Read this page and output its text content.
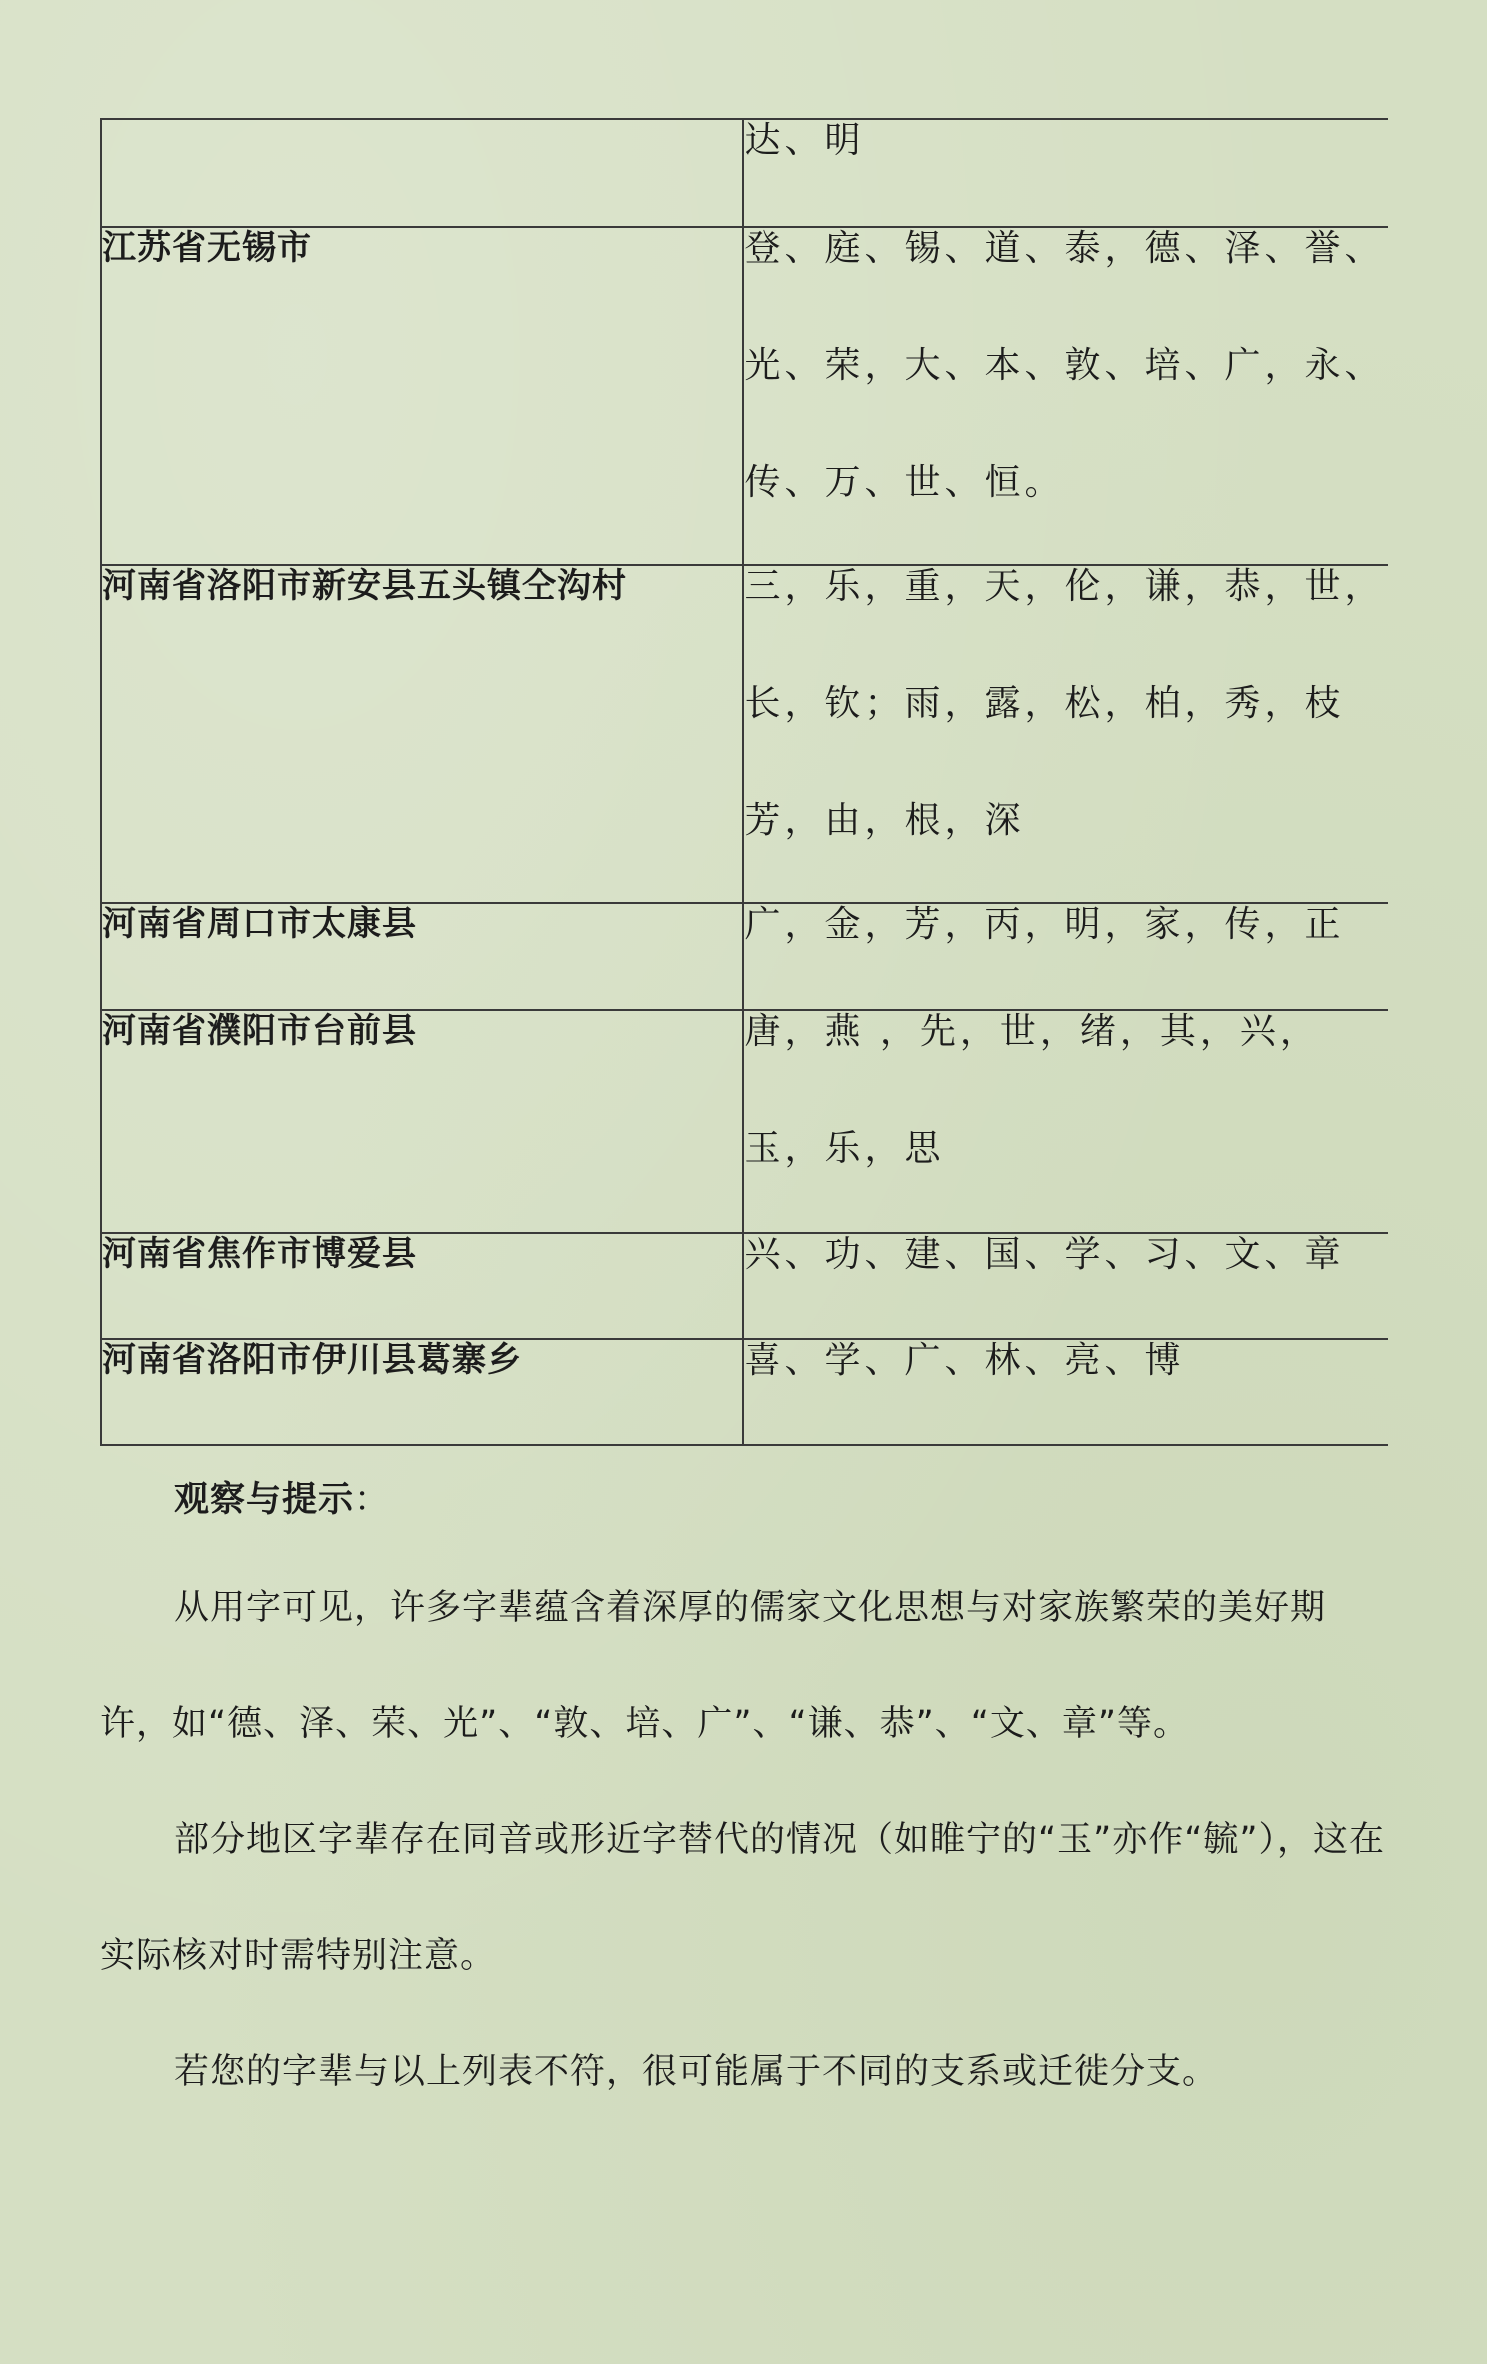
	达、明

江苏省无锡市	登、庭、锡、道、泰，德、泽、誉、光、荣，大、本、敦、培、广，永、传、万、世、恒。

河南省洛阳市新安县五头镇仝沟村	三，乐，重，天，伦，谦，恭，世，长，钦；雨，露，松，柏，秀，枝芳，由，根，深

河南省周口市太康县	广，金，芳，丙，明，家，传，正

河南省濮阳市台前县	唐，燕 ，先，世，绪，其，兴，玉，乐，思

河南省焦作市博爱县	兴、功、建、国、学、习、文、章

河南省洛阳市伊川县葛寨乡	喜、学、广、林、亮、博

观察与提示：

从用字可见，许多字辈蕴含着深厚的儒家文化思想与对家族繁荣的美好期许，如“德、泽、荣、光”、“敦、培、广”、“谦、恭”、“文、章”等。

部分地区字辈存在同音或形近字替代的情况（如睢宁的“玉”亦作“毓”），这在实际核对时需特别注意。

若您的字辈与以上列表不符，很可能属于不同的支系或迁徙分支。
